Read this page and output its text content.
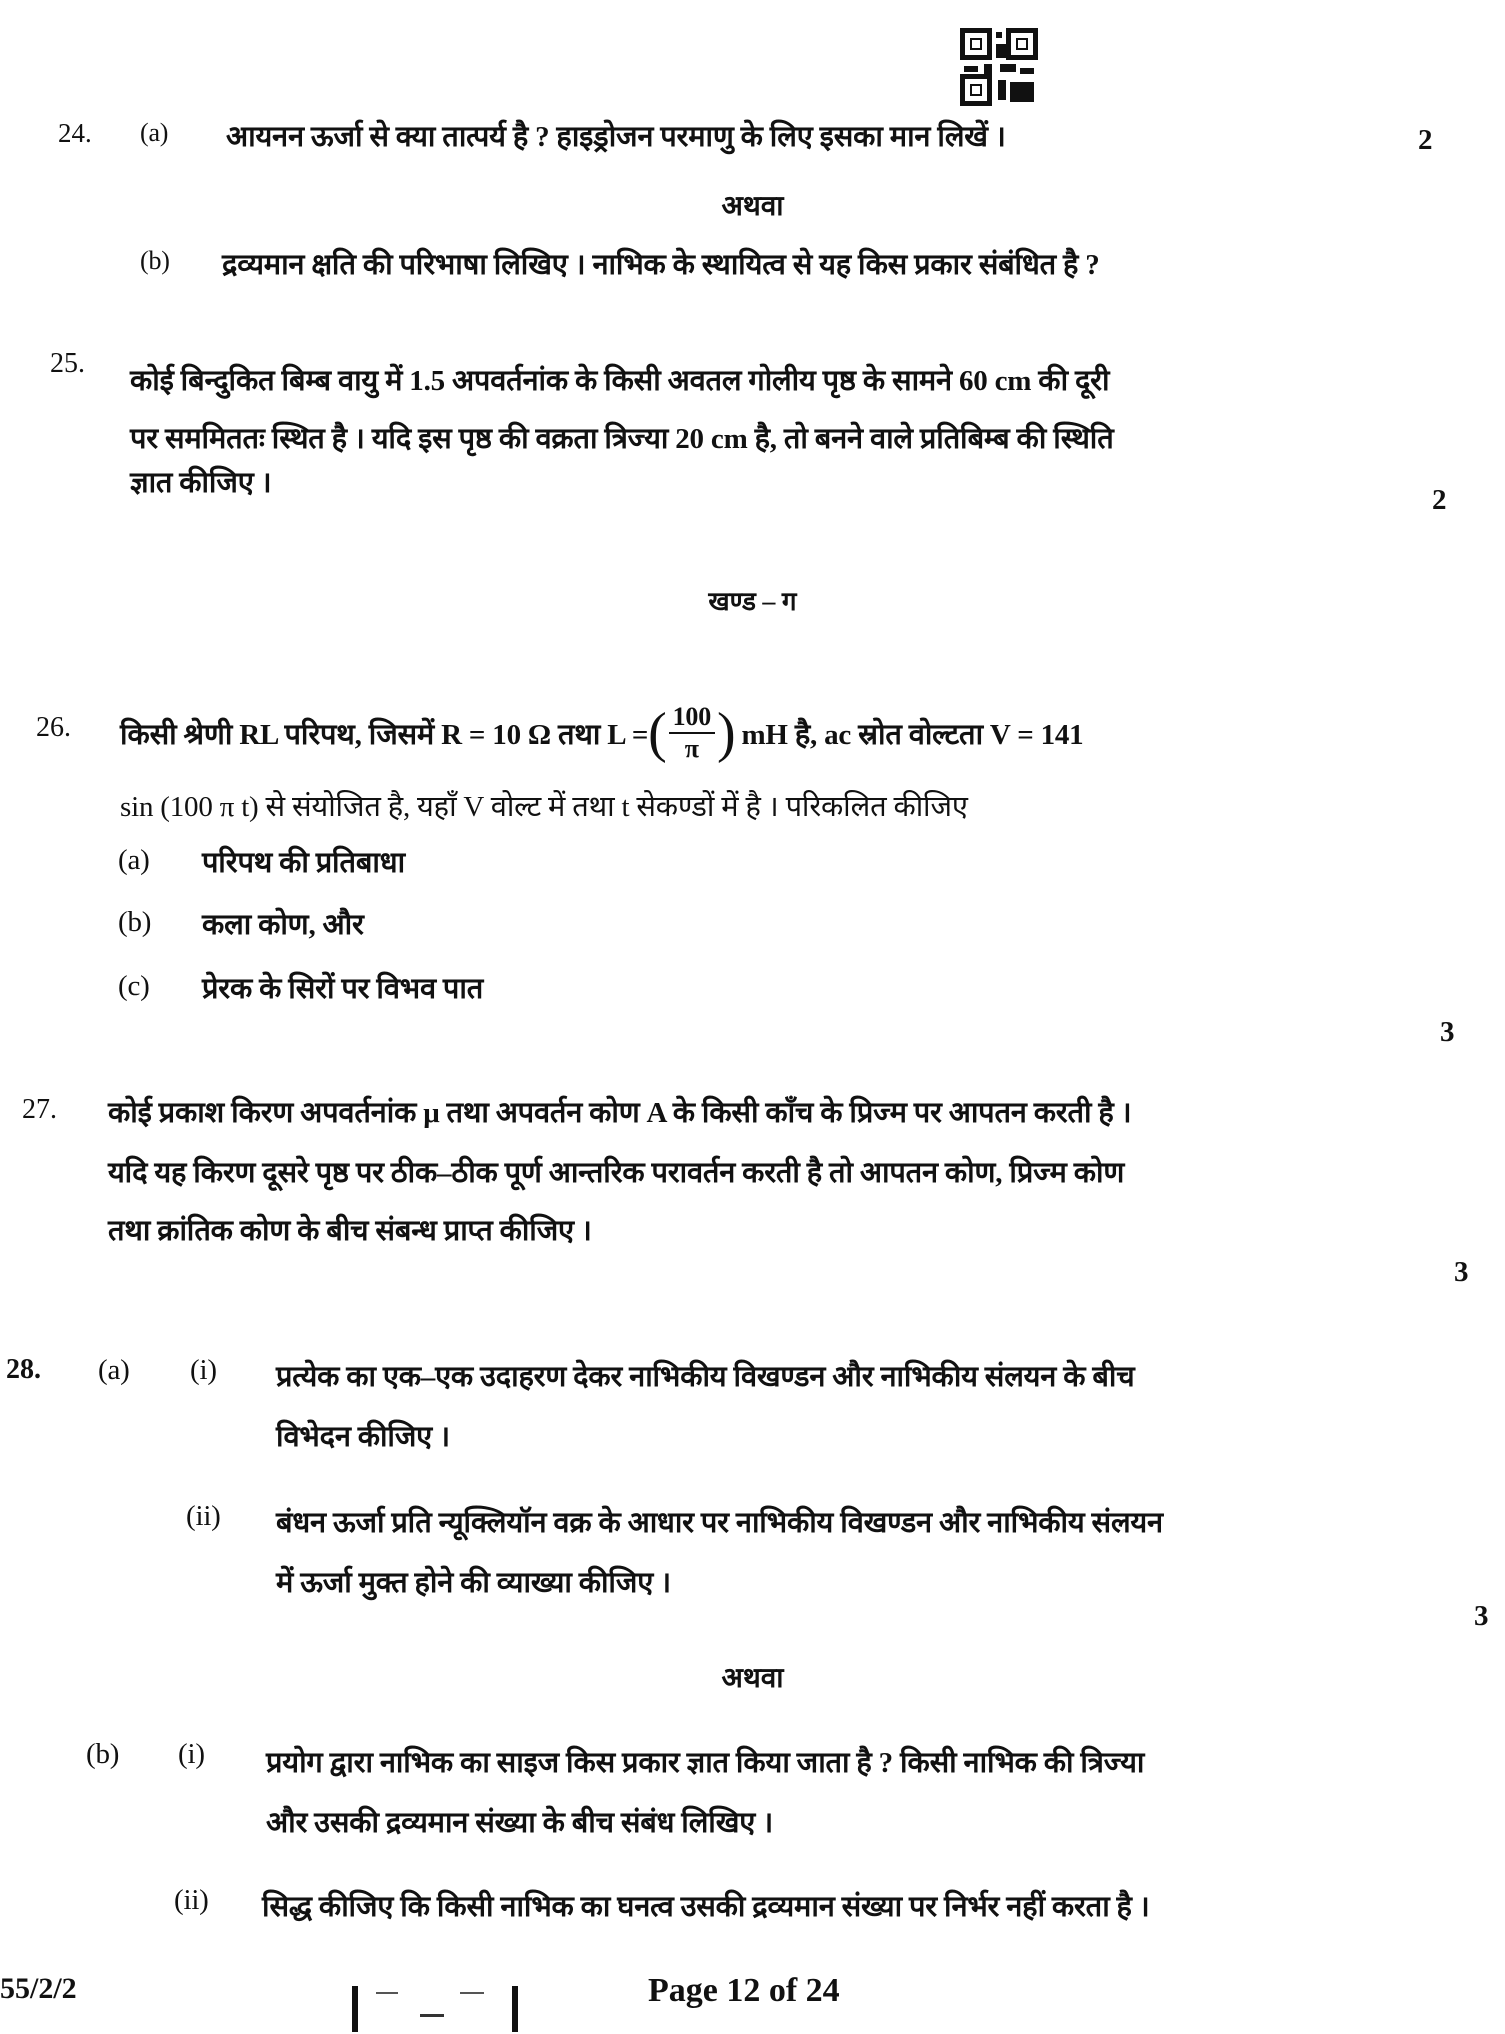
24. (a) आयनन ऊर्जा से क्या तात्पर्य है ? हाइड्रोजन परमाणु के लिए इसका मान लिखें ।	2
अथवा
(b) द्रव्यमान क्षति की परिभाषा लिखिए । नाभिक के स्थायित्व से यह किस प्रकार संबंधित है ?
25.
कोई बिन्दुकित बिम्ब वायु में 1.5 अपवर्तनांक के किसी अवतल गोलीय पृष्ठ के सामने 60 cm की दूरी
पर सममिततः स्थित है । यदि इस पृष्ठ की वक्रता त्रिज्या 20 cm है, तो बनने वाले प्रतिबिम्ब की स्थिति
ज्ञात कीजिए ।
2
खण्ड – ग
26. किसी श्रेणी RL परिपथ, जिसमें R = 10 Ω तथा L = ( $\frac{100}{\pi}$ ) mH है, ac स्रोत वोल्टता V = 141
sin (100 π t) से संयोजित है, यहाँ V वोल्ट में तथा t सेकण्डों में है । परिकलित कीजिए
(a) परिपथ की प्रतिबाधा
(b) कला कोण, और
(c) प्रेरक के सिरों पर विभव पात
3
27. कोई प्रकाश किरण अपवर्तनांक μ तथा अपवर्तन कोण A के किसी काँच के प्रिज्म पर आपतन करती है ।
यदि यह किरण दूसरे पृष्ठ पर ठीक–ठीक पूर्ण आन्तरिक परावर्तन करती है तो आपतन कोण, प्रिज्म कोण
तथा क्रांतिक कोण के बीच संबन्ध प्राप्त कीजिए ।
3
28. (a) (i) प्रत्येक का एक–एक उदाहरण देकर नाभिकीय विखण्डन और नाभिकीय संलयन के बीच
विभेदन कीजिए ।
(ii) बंधन ऊर्जा प्रति न्यूक्लियॉन वक्र के आधार पर नाभिकीय विखण्डन और नाभिकीय संलयन
में ऊर्जा मुक्त होने की व्याख्या कीजिए ।
3
अथवा
(b) (i) प्रयोग द्वारा नाभिक का साइज किस प्रकार ज्ञात किया जाता है ? किसी नाभिक की त्रिज्या
और उसकी द्रव्यमान संख्या के बीच संबंध लिखिए ।
(ii) सिद्ध कीजिए कि किसी नाभिक का घनत्व उसकी द्रव्यमान संख्या पर निर्भर नहीं करता है ।
55/2/2	Page 12 of 24
